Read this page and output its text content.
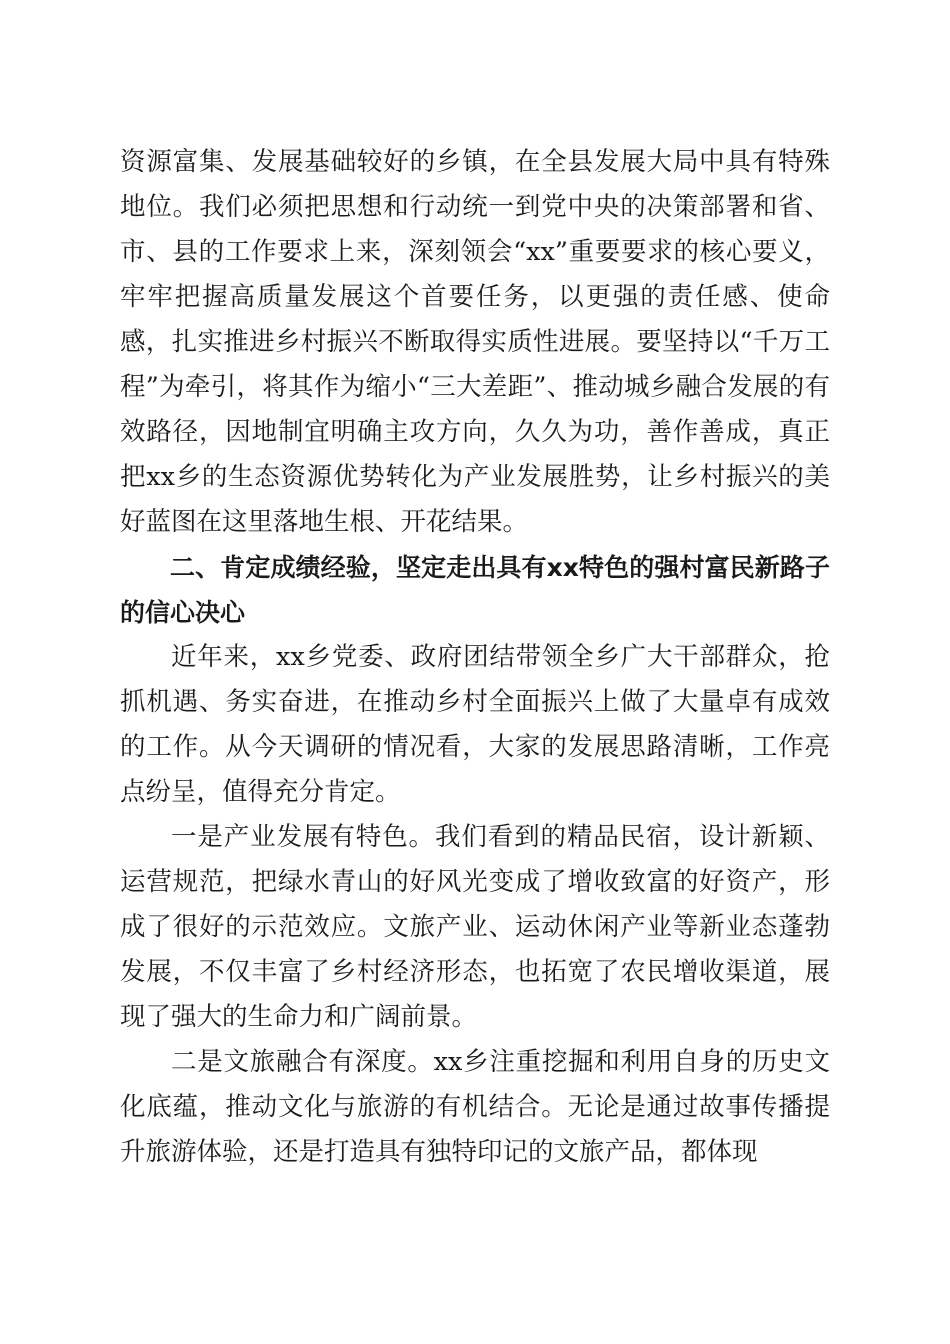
资源富集、发展基础较好的乡镇，在全县发展大局中具有特殊地位。我们必须把思想和行动统一到党中央的决策部署和省、市、县的工作要求上来，深刻领会“xx”重要要求的核心要义，牢牢把握高质量发展这个首要任务，以更强的责任感、使命感，扎实推进乡村振兴不断取得实质性进展。要坚持以“千万工程”为牵引，将其作为缩小“三大差距”、推动城乡融合发展的有效路径，因地制宜明确主攻方向，久久为功，善作善成，真正把xx乡的生态资源优势转化为产业发展胜势，让乡村振兴的美好蓝图在这里落地生根、开花结果。

二、肯定成绩经验，坚定走出具有xx特色的强村富民新路子的信心决心

近年来，xx乡党委、政府团结带领全乡广大干部群众，抢抓机遇、务实奋进，在推动乡村全面振兴上做了大量卓有成效的工作。从今天调研的情况看，大家的发展思路清晰，工作亮点纷呈，值得充分肯定。

一是产业发展有特色。我们看到的精品民宿，设计新颖、运营规范，把绿水青山的好风光变成了增收致富的好资产，形成了很好的示范效应。文旅产业、运动休闲产业等新业态蓬勃发展，不仅丰富了乡村经济形态，也拓宽了农民增收渠道，展现了强大的生命力和广阔前景。

二是文旅融合有深度。xx乡注重挖掘和利用自身的历史文化底蕴，推动文化与旅游的有机结合。无论是通过故事传播提升旅游体验，还是打造具有独特印记的文旅产品，都体现
